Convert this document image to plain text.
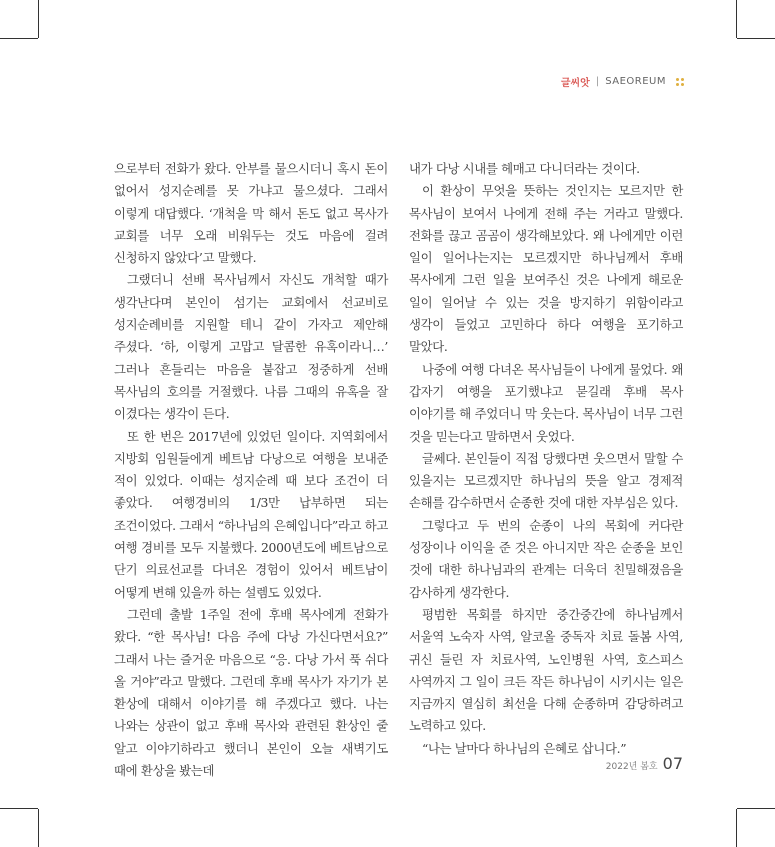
글씨앗 | SAEOREUM

으로부터 전화가 왔다. 안부를 물으시더니 혹시 돈이 없어서 성지순례를 못 가냐고 물으셨다. 그래서 이렇게 대답했다. ‘개척을 막 해서 돈도 없고 목사가 교회를 너무 오래 비워두는 것도 마음에 걸려 신청하지 않았다’고 말했다.

그랬더니 선배 목사님께서 자신도 개척할 때가 생각난다며 본인이 섬기는 교회에서 선교비로 성지순례비를 지원할 테니 같이 가자고 제안해 주셨다. ‘하, 이렇게 고맙고 달콤한 유혹이라니…’ 그러나 흔들리는 마음을 붙잡고 정중하게 선배 목사님의 호의를 거절했다. 나름 그때의 유혹을 잘 이겼다는 생각이 든다.

또 한 번은 2017년에 있었던 일이다. 지역회에서 지방회 임원들에게 베트남 다낭으로 여행을 보내준 적이 있었다. 이때는 성지순례 때 보다 조건이 더 좋았다. 여행경비의 1/3만 납부하면 되는 조건이었다. 그래서 “하나님의 은혜입니다”라고 하고 여행 경비를 모두 지불했다. 2000년도에 베트남으로 단기 의료선교를 다녀온 경험이 있어서 베트남이 어떻게 변해 있을까 하는 설렘도 있었다.

그런데 출발 1주일 전에 후배 목사에게 전화가 왔다. “한 목사님! 다음 주에 다낭 가신다면서요?” 그래서 나는 즐거운 마음으로 “응. 다낭 가서 푹 쉬다 올 거야”라고 말했다. 그런데 후배 목사가 자기가 본 환상에 대해서 이야기를 해 주겠다고 했다. 나는 나와는 상관이 없고 후배 목사와 관련된 환상인 줄 알고 이야기하라고 했더니 본인이 오늘 새벽기도 때에 환상을 봤는데

내가 다낭 시내를 헤매고 다니더라는 것이다.

이 환상이 무엇을 뜻하는 것인지는 모르지만 한 목사님이 보여서 나에게 전해 주는 거라고 말했다. 전화를 끊고 곰곰이 생각해보았다. 왜 나에게만 이런 일이 일어나는지는 모르겠지만 하나님께서 후배 목사에게 그런 일을 보여주신 것은 나에게 해로운 일이 일어날 수 있는 것을 방지하기 위함이라고 생각이 들었고 고민하다 하다 여행을 포기하고 말았다.

나중에 여행 다녀온 목사님들이 나에게 물었다. 왜 갑자기 여행을 포기했냐고 묻길래 후배 목사 이야기를 해 주었더니 막 웃는다. 목사님이 너무 그런 것을 믿는다고 말하면서 웃었다.

글쎄다. 본인들이 직접 당했다면 웃으면서 말할 수 있을지는 모르겠지만 하나님의 뜻을 알고 경제적 손해를 감수하면서 순종한 것에 대한 자부심은 있다.

그렇다고 두 번의 순종이 나의 목회에 커다란 성장이나 이익을 준 것은 아니지만 작은 순종을 보인 것에 대한 하나님과의 관계는 더욱더 친밀해졌음을 감사하게 생각한다.

평범한 목회를 하지만 중간중간에 하나님께서 서울역 노숙자 사역, 알코올 중독자 치료 돌봄 사역, 귀신 들린 자 치료사역, 노인병원 사역, 호스피스 사역까지 그 일이 크든 작든 하나님이 시키시는 일은 지금까지 열심히 최선을 다해 순종하며 감당하려고 노력하고 있다.

“나는 날마다 하나님의 은혜로 삽니다.”

2022년 봄호 07
